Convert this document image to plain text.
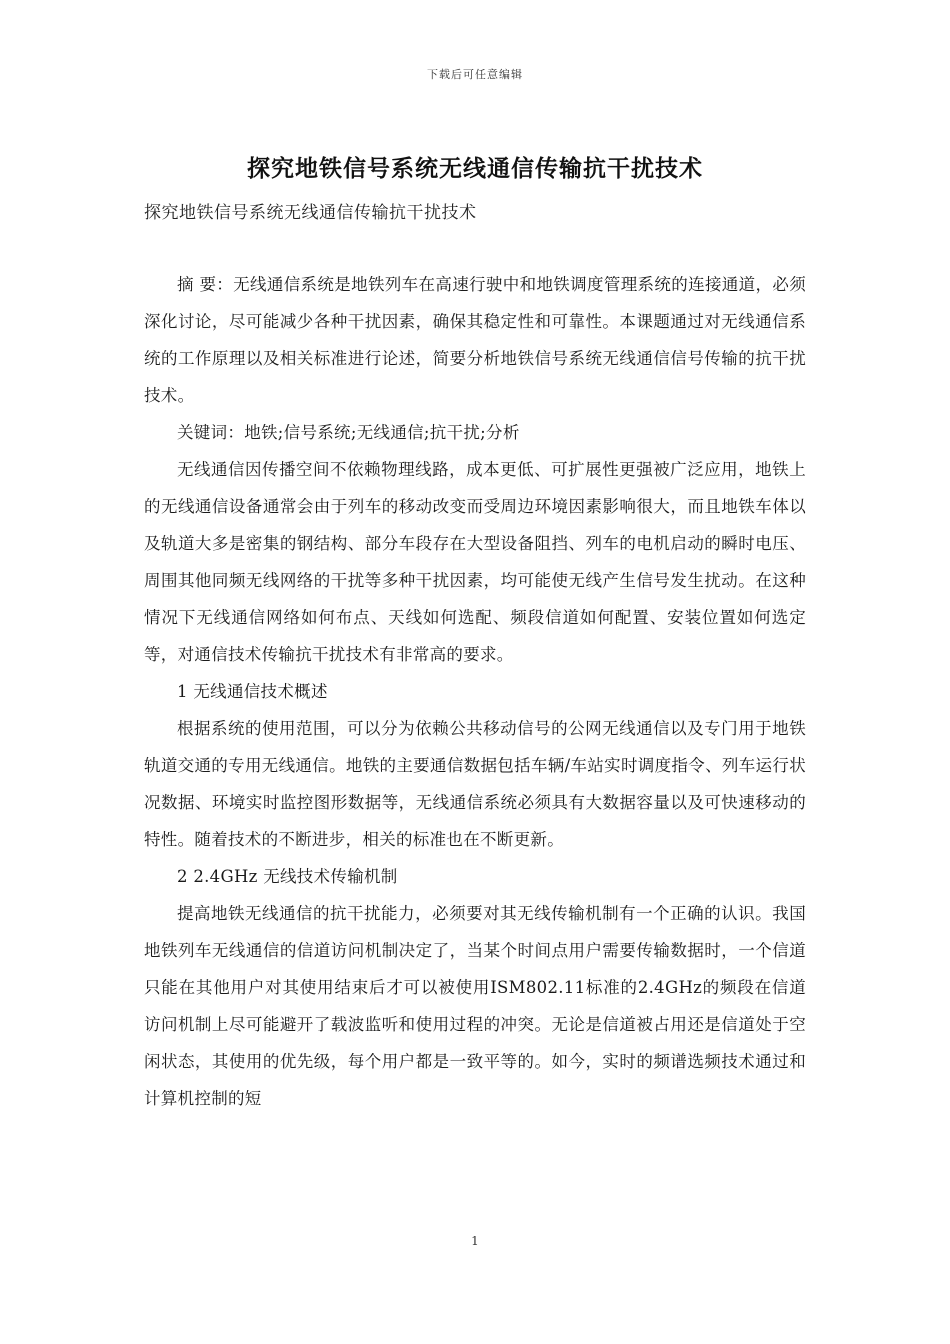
下载后可任意编辑
探究地铁信号系统无线通信传输抗干扰技术
探究地铁信号系统无线通信传输抗干扰技术

摘 要：无线通信系统是地铁列车在高速行驶中和地铁调度管理系统的连接通道，必须深化讨论，尽可能减少各种干扰因素，确保其稳定性和可靠性。本课题通过对无线通信系统的工作原理以及相关标准进行论述，简要分析地铁信号系统无线通信信号传输的抗干扰技术。

关键词：地铁;信号系统;无线通信;抗干扰;分析

无线通信因传播空间不依赖物理线路，成本更低、可扩展性更强被广泛应用，地铁上的无线通信设备通常会由于列车的移动改变而受周边环境因素影响很大，而且地铁车体以及轨道大多是密集的钢结构、部分车段存在大型设备阻挡、列车的电机启动的瞬时电压、周围其他同频无线网络的干扰等多种干扰因素，均可能使无线产生信号发生扰动。在这种情况下无线通信网络如何布点、天线如何选配、频段信道如何配置、安装位置如何选定等，对通信技术传输抗干扰技术有非常高的要求。

1 无线通信技术概述

根据系统的使用范围，可以分为依赖公共移动信号的公网无线通信以及专门用于地铁轨道交通的专用无线通信。地铁的主要通信数据包括车辆/车站实时调度指令、列车运行状况数据、环境实时监控图形数据等，无线通信系统必须具有大数据容量以及可快速移动的特性。随着技术的不断进步，相关的标准也在不断更新。

2 2.4GHz 无线技术传输机制

提高地铁无线通信的抗干扰能力，必须要对其无线传输机制有一个正确的认识。我国地铁列车无线通信的信道访问机制决定了，当某个时间点用户需要传输数据时，一个信道只能在其他用户对其使用结束后才可以被使用ISM802.11标准的2.4GHz的频段在信道访问机制上尽可能避开了载波监听和使用过程的冲突。无论是信道被占用还是信道处于空闲状态，其使用的优先级，每个用户都是一致平等的。如今，实时的频谱选频技术通过和计算机控制的短

1
